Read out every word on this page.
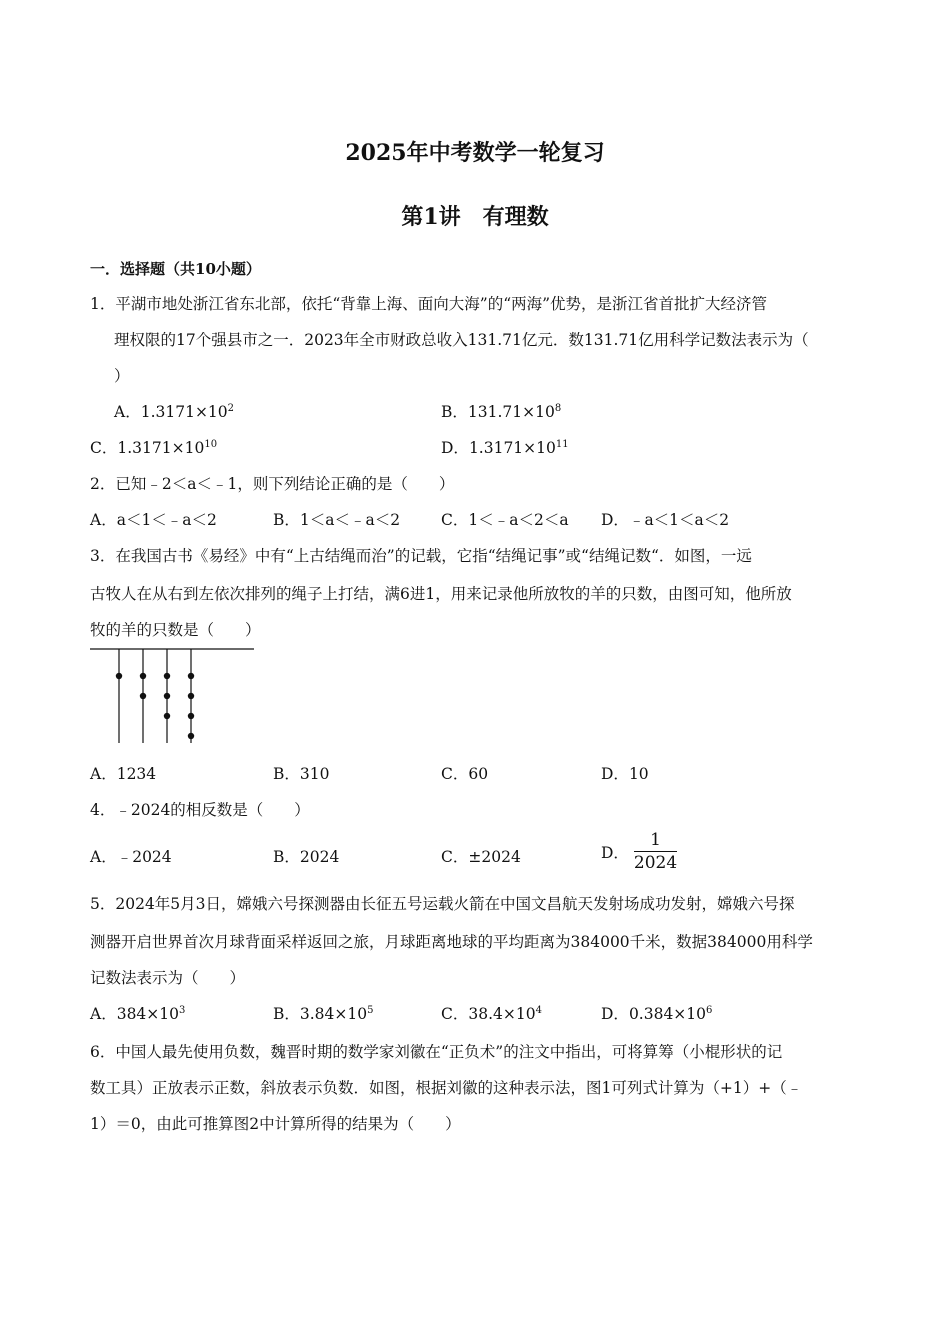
2025年中考数学一轮复习
第1讲　有理数
一．选择题（共10小题）
1．平湖市地处浙江省东北部，依托“背靠上海、面向大海”的“两海”优势，是浙江省首批扩大经济管
理权限的17个强县市之一．2023年全市财政总收入131.71亿元．数131.71亿用科学记数法表示为（
）
A．$1.3171\times 10^2$	B．$131.71\times 10^8$
C．$1.3171\times 10^{10}$	D．$1.3171\times 10^{11}$
2．已知﹣2＜a＜﹣1，则下列结论正确的是（　　）
A．a＜1＜﹣a＜2	B．1＜a＜﹣a＜2	C．1＜﹣a＜2＜a D．﹣a＜1＜a＜2
3．在我国古书《易经》中有“上古结绳而治”的记载，它指“结绳记事”或“结绳记数“．如图，一远
古牧人在从右到左依次排列的绳子上打结，满6进1，用来记录他所放牧的羊的只数，由图可知，他所放
牧的羊的只数是（　　）
A．1234	B．310	C．60	D．10
4．﹣2024的相反数是（　　）
A．﹣2024	B．2024	C．±2024	D． $\frac{1}{2024}$
5．2024年5月3日，嫦娥六号探测器由长征五号运载火箭在中国文昌航天发射场成功发射，嫦娥六号探
测器开启世界首次月球背面采样返回之旅，月球距离地球的平均距离为384000千米，数据384000用科学
记数法表示为（　　）
A．$384\times 10^3$	B．$3.84\times 10^5$	C．$38.4\times 10^4$	D．$0.384\times 10^6$
6．中国人最先使用负数，魏晋时期的数学家刘徽在“正负术”的注文中指出，可将算筹（小棍形状的记
数工具）正放表示正数，斜放表示负数．如图，根据刘徽的这种表示法，图1可列式计算为（+1）+（﹣
1）＝0，由此可推算图2中计算所得的结果为（　　）
